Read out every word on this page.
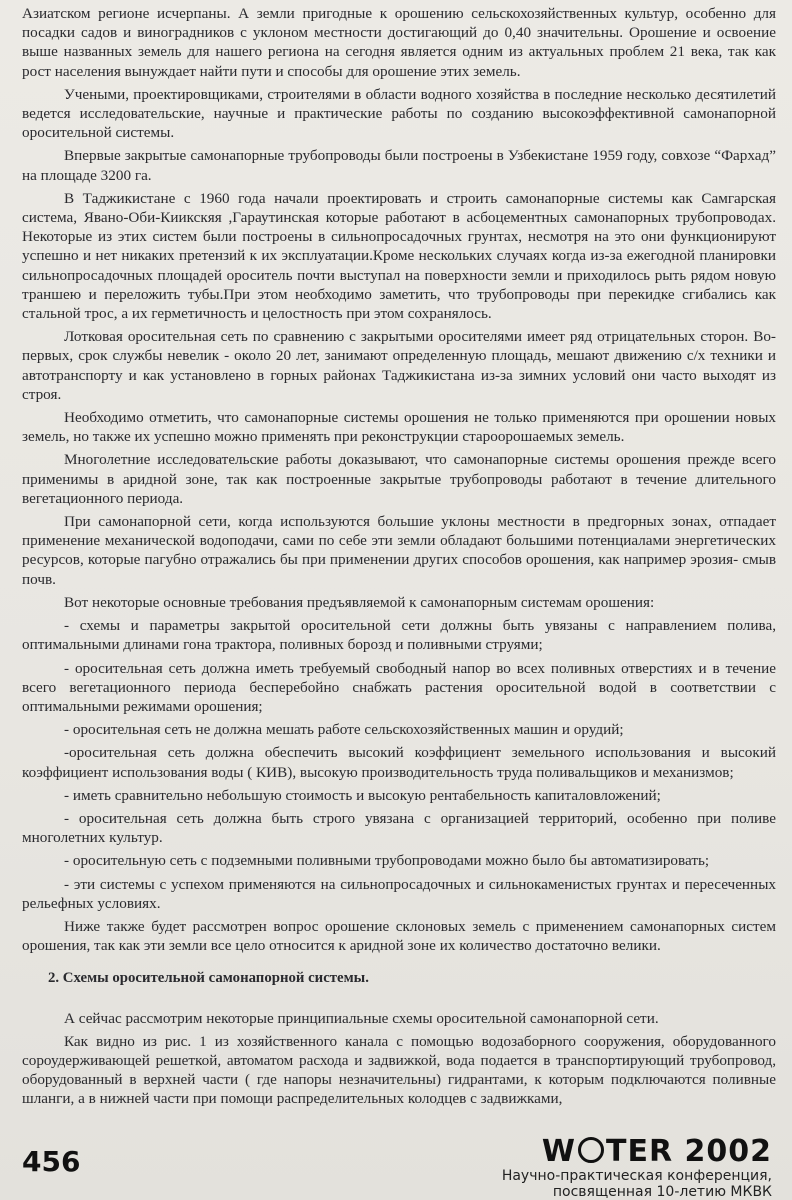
Азиатском регионе исчерпаны. А земли пригодные к орошению сельскохозяйственных культур, особенно для посадки садов и виноградников с уклоном местности достигающий до 0,40 значительны. Орошение и освоение выше названных земель для нашего региона на сегодня является одним из актуальных проблем 21 века, так как рост населения вынуждает найти пути и способы для орошение этих земель.

Учеными, проектировщиками, строителями в области водного хозяйства в последние несколько десятилетий ведется исследовательские, научные и практические работы по созданию высокоэффективной самонапорной оросительной системы.

Впервые закрытые самонапорные трубопроводы были построены в Узбекистане 1959 году, совхозе “Фархад” на площаде 3200 га.

В Таджикистане с 1960 года начали проектировать и строить самонапорные системы как Самгарская система, Явано-Оби-Киикскяя ,Гараутинская которые работают в асбоцементных самонапорных трубопроводах. Некоторые из этих систем были построены в сильнопросадочных грунтах, несмотря на это они функционируют успешно и нет никаких претензий к их эксплуатации.Кроме нескольких случаях когда из-за ежегодной планировки сильнопросадочных площадей ороситель почти выступал на поверхности земли и приходилось рыть рядом новую траншею и переложить тубы.При этом необходимо заметить, что трубопроводы при перекидке сгибались как стальной трос, а их герметичность и целостность при этом сохранялось.

Лотковая оросительная сеть по сравнению с закрытыми оросителями имеет ряд отрицательных сторон. Во-первых, срок службы невелик - около 20 лет, занимают определенную площадь, мешают движению с/х техники и автотранспорту и как установлено в горных районах Таджикистана из-за зимних условий они часто выходят из строя.

Необходимо отметить, что самонапорные системы орошения не только применяются при орошении новых земель, но также их успешно можно применять при реконструкции староорошаемых земель.

Многолетние исследовательские работы доказывают, что самонапорные системы орошения прежде всего применимы в аридной зоне, так как построенные закрытые трубопроводы работают в течение длительного вегетационного периода.

При самонапорной сети, когда используются большие уклоны местности в предгорных зонах, отпадает применение механической водоподачи, сами по себе эти земли обладают большими потенциалами энергетических ресурсов, которые пагубно отражались бы при применении других способов орошения, как например эрозия- смыв почв.

Вот некоторые основные требования предъявляемой к самонапорным системам орошения:

- схемы и параметры закрытой оросительной сети должны быть увязаны с направлением полива, оптимальными длинами гона трактора, поливных борозд и поливными струями;

- оросительная сеть должна иметь требуемый свободный напор во всех поливных отверстиях и в течение всего вегетационного периода бесперебойно снабжать растения оросительной водой в соответствии с оптимальными режимами орошения;

- оросительная сеть не должна мешать работе сельскохозяйственных машин и орудий;

-оросительная сеть должна обеспечить высокий коэффициент земельного использования и высокий коэффициент использования воды ( КИВ), высокую производительность труда поливальщиков и механизмов;

- иметь сравнительно небольшую стоимость и высокую рентабельность капиталовложений;

- оросительная сеть должна быть строго увязана с организацией территорий, особенно при поливе многолетних культур.

- оросительную сеть с подземными поливными трубопроводами можно было бы автоматизировать;

- эти системы с успехом применяются на сильнопросадочных и сильнокаменистых грунтах и пересеченных рельефных условиях.

Ниже также будет рассмотрен вопрос орошение склоновых земель с применением самонапорных систем орошения, так как эти земли все цело относится к аридной зоне их количество достаточно велики.

2. Схемы оросительной самонапорной системы.

А сейчас рассмотрим некоторые принципиальные схемы оросительной самонапорной сети.

Как видно из рис. 1 из хозяйственного канала с помощью водозаборного сооружения, оборудованного сороудерживающей решеткой, автоматом расхода и задвижкой, вода подается в транспортирующий трубопровод, оборудованный в верхней части ( где напоры незначительны) гидрантами, к которым подключаются поливные шланги, а в нижней части при помощи распределительных колодцев с задвижками,

456	W TER 2002
Научно-практическая конференция,
посвященная 10-летию МКВК
